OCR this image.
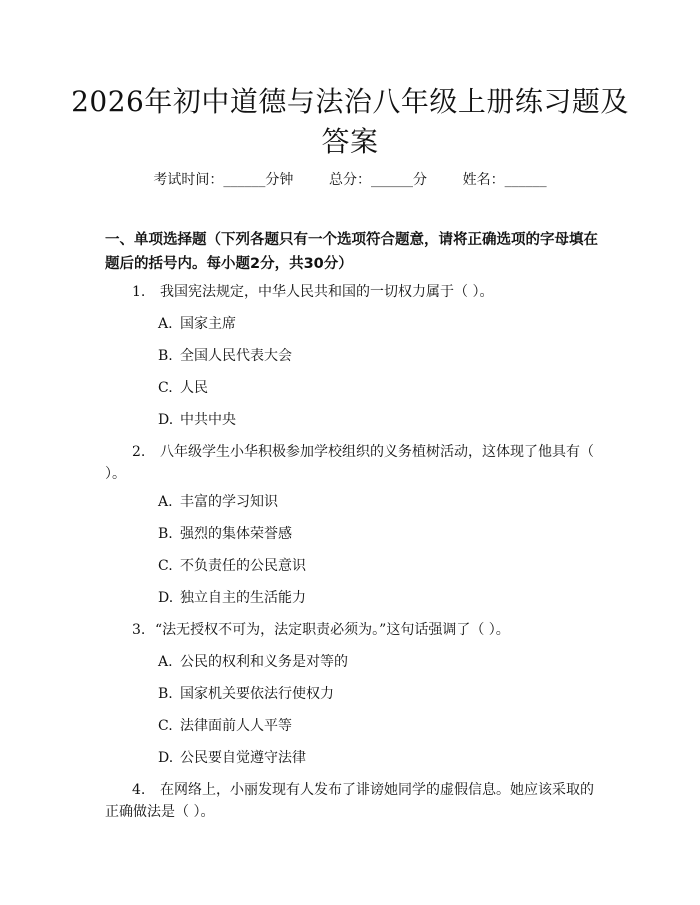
2026年初中道德与法治八年级上册练习题及答案
考试时间：______分钟	总分：______分	姓名：______
一、单项选择题（下列各题只有一个选项符合题意，请将正确选项的字母填在题后的括号内。每小题2分，共30分）
1.	我国宪法规定，中华人民共和国的一切权力属于（ ）。
A. 国家主席
B. 全国人民代表大会
C. 人民
D. 中共中央
2.	八年级学生小华积极参加学校组织的义务植树活动，这体现了他具有（ ）。
A. 丰富的学习知识
B. 强烈的集体荣誉感
C. 不负责任的公民意识
D. 独立自主的生活能力
3. “法无授权不可为，法定职责必须为。”这句话强调了（ ）。
A. 公民的权利和义务是对等的
B. 国家机关要依法行使权力
C. 法律面前人人平等
D. 公民要自觉遵守法律
4.	在网络上，小丽发现有人发布了诽谤她同学的虚假信息。她应该采取的正确做法是（ ）。
